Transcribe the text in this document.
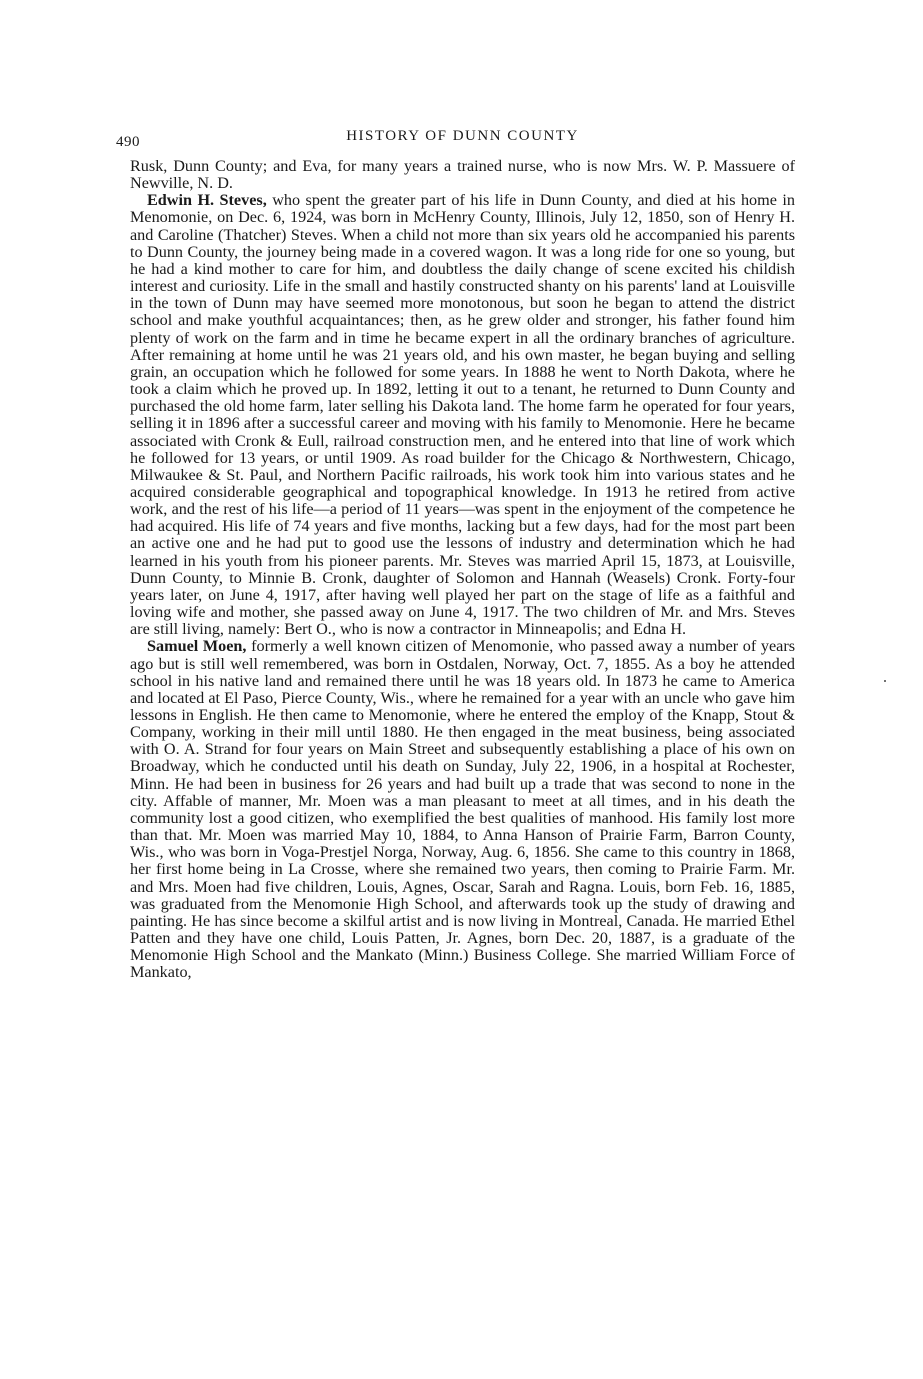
490	HISTORY OF DUNN COUNTY

Rusk, Dunn County; and Eva, for many years a trained nurse, who is now Mrs. W. P. Massuere of Newville, N. D.

Edwin H. Steves, who spent the greater part of his life in Dunn County, and died at his home in Menomonie, on Dec. 6, 1924, was born in McHenry County, Illinois, July 12, 1850, son of Henry H. and Caroline (Thatcher) Steves. When a child not more than six years old he accompanied his parents to Dunn County, the journey being made in a covered wagon. It was a long ride for one so young, but he had a kind mother to care for him, and doubtless the daily change of scene excited his childish interest and curiosity. Life in the small and hastily constructed shanty on his parents' land at Louisville in the town of Dunn may have seemed more monotonous, but soon he began to attend the district school and make youthful acquaintances; then, as he grew older and stronger, his father found him plenty of work on the farm and in time he became expert in all the ordinary branches of agriculture. After remaining at home until he was 21 years old, and his own master, he began buying and selling grain, an occupation which he followed for some years. In 1888 he went to North Dakota, where he took a claim which he proved up. In 1892, letting it out to a tenant, he returned to Dunn County and purchased the old home farm, later selling his Dakota land. The home farm he operated for four years, selling it in 1896 after a successful career and moving with his family to Menomonie. Here he became associated with Cronk & Eull, railroad construction men, and he entered into that line of work which he followed for 13 years, or until 1909. As road builder for the Chicago & Northwestern, Chicago, Milwaukee & St. Paul, and Northern Pacific railroads, his work took him into various states and he acquired considerable geographical and topographical knowledge. In 1913 he retired from active work, and the rest of his life—a period of 11 years—was spent in the enjoyment of the competence he had acquired. His life of 74 years and five months, lacking but a few days, had for the most part been an active one and he had put to good use the lessons of industry and determination which he had learned in his youth from his pioneer parents. Mr. Steves was married April 15, 1873, at Louisville, Dunn County, to Minnie B. Cronk, daughter of Solomon and Hannah (Weasels) Cronk. Forty-four years later, on June 4, 1917, after having well played her part on the stage of life as a faithful and loving wife and mother, she passed away on June 4, 1917. The two children of Mr. and Mrs. Steves are still living, namely: Bert O., who is now a contractor in Minneapolis; and Edna H.

Samuel Moen, formerly a well known citizen of Menomonie, who passed away a number of years ago but is still well remembered, was born in Ostdalen, Norway, Oct. 7, 1855. As a boy he attended school in his native land and remained there until he was 18 years old. In 1873 he came to America and located at El Paso, Pierce County, Wis., where he remained for a year with an uncle who gave him lessons in English. He then came to Menomonie, where he entered the employ of the Knapp, Stout & Company, working in their mill until 1880. He then engaged in the meat business, being associated with O. A. Strand for four years on Main Street and subsequently establishing a place of his own on Broadway, which he conducted until his death on Sunday, July 22, 1906, in a hospital at Rochester, Minn. He had been in business for 26 years and had built up a trade that was second to none in the city. Affable of manner, Mr. Moen was a man pleasant to meet at all times, and in his death the community lost a good citizen, who exemplified the best qualities of manhood. His family lost more than that. Mr. Moen was married May 10, 1884, to Anna Hanson of Prairie Farm, Barron County, Wis., who was born in Voga-Prestjel Norga, Norway, Aug. 6, 1856. She came to this country in 1868, her first home being in La Crosse, where she remained two years, then coming to Prairie Farm. Mr. and Mrs. Moen had five children, Louis, Agnes, Oscar, Sarah and Ragna. Louis, born Feb. 16, 1885, was graduated from the Menomonie High School, and afterwards took up the study of drawing and painting. He has since become a skilful artist and is now living in Montreal, Canada. He married Ethel Patten and they have one child, Louis Patten, Jr. Agnes, born Dec. 20, 1887, is a graduate of the Menomonie High School and the Mankato (Minn.) Business College. She married William Force of Mankato,
